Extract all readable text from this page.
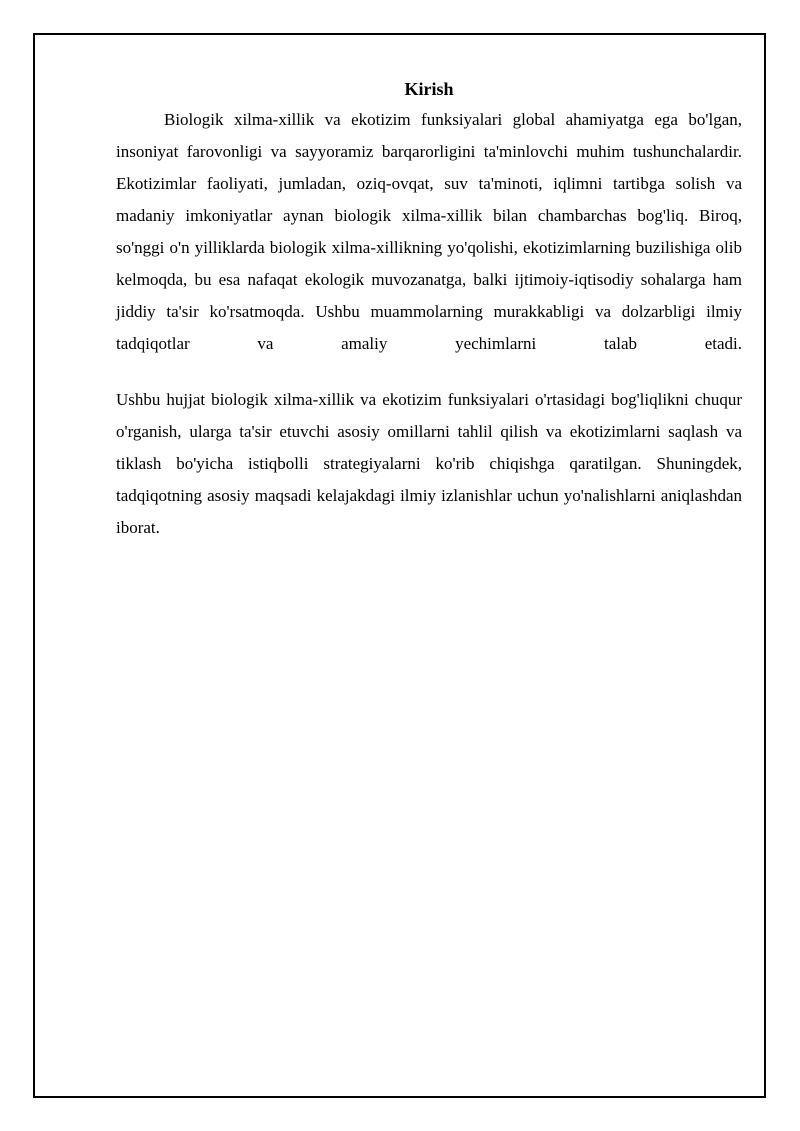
Kirish

Biologik xilma-xillik va ekotizim funksiyalari global ahamiyatga ega bo'lgan, insoniyat farovonligi va sayyoramiz barqarorligini ta'minlovchi muhim tushunchalardir. Ekotizimlar faoliyati, jumladan, oziq-ovqat, suv ta'minoti, iqlimni tartibga solish va madaniy imkoniyatlar aynan biologik xilma-xillik bilan chambarchas bog'liq. Biroq, so'nggi o'n yilliklarda biologik xilma-xillikning yo'qolishi, ekotizimlarning buzilishiga olib kelmoqda, bu esa nafaqat ekologik muvozanatga, balki ijtimoiy-iqtisodiy sohalarga ham jiddiy ta'sir ko'rsatmoqda. Ushbu muammolarning murakkabligi va dolzarbligi ilmiy tadqiqotlar va amaliy yechimlarni talab etadi.

Ushbu hujjat biologik xilma-xillik va ekotizim funksiyalari o'rtasidagi bog'liqlikni chuqur o'rganish, ularga ta'sir etuvchi asosiy omillarni tahlil qilish va ekotizimlarni saqlash va tiklash bo'yicha istiqbolli strategiyalarni ko'rib chiqishga qaratilgan. Shuningdek, tadqiqotning asosiy maqsadi kelajakdagi ilmiy izlanishlar uchun yo'nalishlarni aniqlashdan iborat.
